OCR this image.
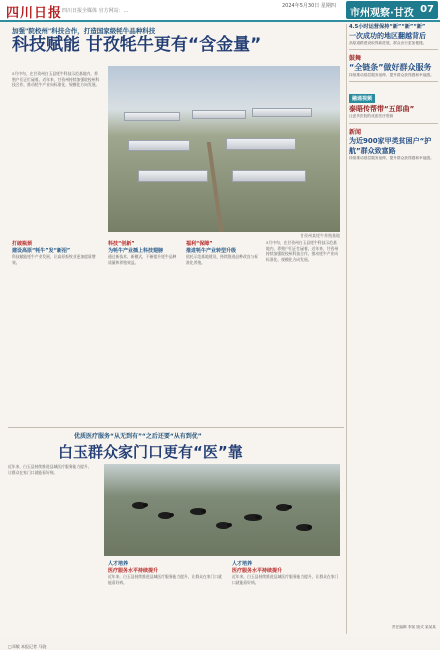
四川日报 四川日报全媒体 官方网站：...
2024年5月30日 星期四
市州观察·甘孜 07
加强"院校州"科技合作，打造国家级牦牛品种科技
科技赋能 甘孜牦牛更有“含金量”
5月中旬，在甘孜州白玉县牦牛科技示范基地内，养殖户们正忙碌着。近年来，甘孜州持续加强院校州科技合作，推动牦牛产业向标准化、规模化方向发展。
甘孜州某牦牛养殖基地
打破瓶颈
建设高原“牦牛”发“新招”
科技赋能牦牛产业发展，让高原畜牧业更加提质增效。
科技“创新”
为牦牛产业插上科技翅膀
通过新技术、新模式，不断提升牦牛品种质量和养殖效益。
福利“保障”
推进牦牛产业转型升级
依托示范基地建设，持续推进品种改良与标准化养殖。
5月中旬，在甘孜州白玉县牦牛科技示范基地内，养殖户们正忙碌着。近年来，甘孜州持续加强院校州科技合作，推动牦牛产业向标准化、规模化方向发展。
优质医疗服务“从无到有”“之后还要“从有到优”
白玉群众家门口更有“医”靠
近年来，白玉县持续推进县域医疗服务能力提升，让群众在家门口就能看好病。
人才培养
医疗服务水平持续提升
近年来，白玉县持续推进县域医疗服务能力提升，让群众在家门口就能看好病。
人才培养
医疗服务水平持续提升
近年来，白玉县持续推进县域医疗服务能力提升，让群众在家门口就能看好病。
□邓敏 本报记者 马骁
4.5小时运营保持“新”“新”“新”
一次成功的地区翻越背后
高原道路建设取得新进展，群众出行更加便捷。
鼓舞
“全链条”做好群众服务
持续推动基层服务延伸，提升群众获得感和幸福感。
融通视频
泰晤传帮带“五郎曲”
让更多医院的优质医疗资源
新闻
为近900家甲类贫困户“护航”群众致富路
持续推动基层服务延伸，提升群众获得感和幸福感。
责任编辑 李某 版式 某某某
